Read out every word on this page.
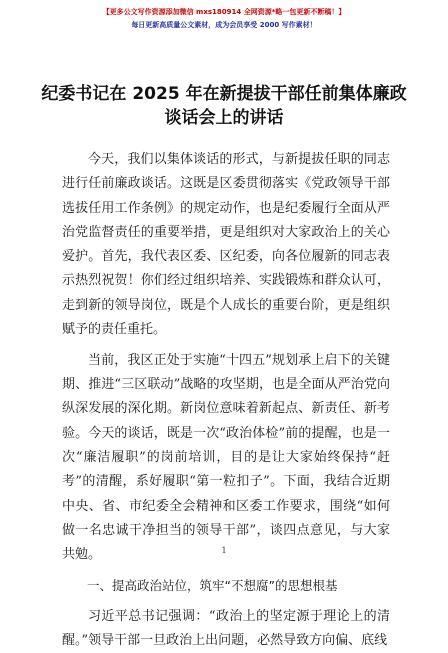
【更多公文写作资源添加微信 mxs180914 全网资源*略一包更新不断稿！】
每日更新高质量公文素材，成为会员享受 2000 写作素材！
纪委书记在 2025 年在新提拔干部任前集体廉政
谈话会上的讲话

今天，我们以集体谈话的形式，与新提拔任职的同志进行任前廉政谈话。这既是区委贯彻落实《党政领导干部选拔任用工作条例》的规定动作，也是纪委履行全面从严治党监督责任的重要举措，更是组织对大家政治上的关心爱护。首先，我代表区委、区纪委，向各位履新的同志表示热烈祝贺！你们经过组织培养、实践锻炼和群众认可，走到新的领导岗位，既是个人成长的重要台阶，更是组织赋予的责任重托。

当前，我区正处于实施“十四五”规划承上启下的关键期、推进“三区联动”战略的攻坚期，也是全面从严治党向纵深发展的深化期。新岗位意味着新起点、新责任、新考验。今天的谈话，既是一次“政治体检”前的提醒，也是一次“廉洁履职”的岗前培训，目的是让大家始终保持“赶考”的清醒，系好履职“第一粒扣子”。下面，我结合近期中央、省、市纪委全会精神和区委工作要求，围绕“如何做一名忠诚干净担当的领导干部”，谈四点意见，与大家共勉。

一、提高政治站位，筑牢“不想腐”的思想根基

习近平总书记强调：“政治上的坚定源于理论上的清醒。”领导干部一旦政治上出问题，必然导致方向偏、底线

1
